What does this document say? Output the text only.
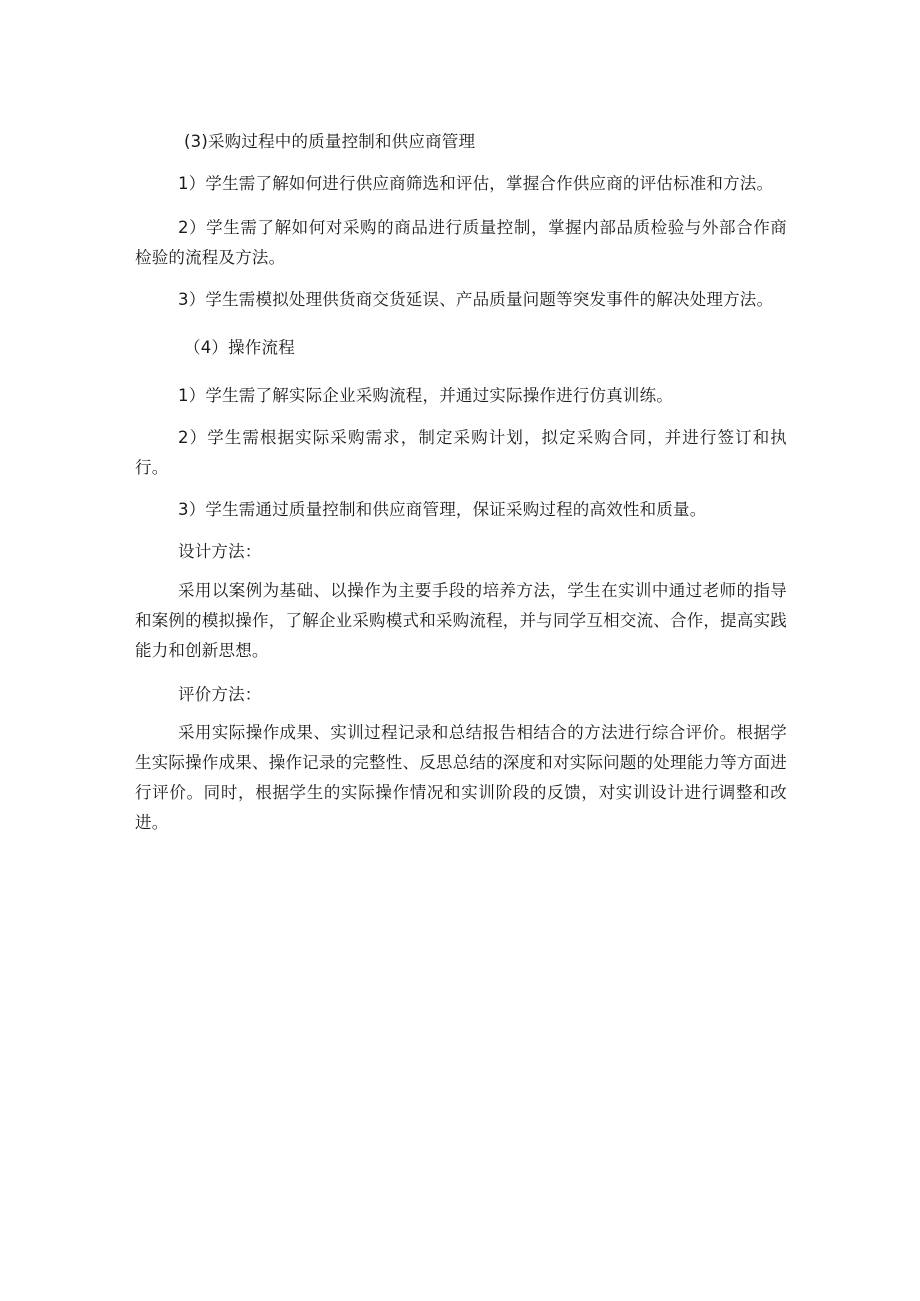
(3)采购过程中的质量控制和供应商管理
1）学生需了解如何进行供应商筛选和评估，掌握合作供应商的评估标准和方法。
2）学生需了解如何对采购的商品进行质量控制，掌握内部品质检验与外部合作商检验的流程及方法。
3）学生需模拟处理供货商交货延误、产品质量问题等突发事件的解决处理方法。
（4）操作流程
1）学生需了解实际企业采购流程，并通过实际操作进行仿真训练。
2）学生需根据实际采购需求，制定采购计划，拟定采购合同，并进行签订和执行。
3）学生需通过质量控制和供应商管理，保证采购过程的高效性和质量。
设计方法：
采用以案例为基础、以操作为主要手段的培养方法，学生在实训中通过老师的指导和案例的模拟操作，了解企业采购模式和采购流程，并与同学互相交流、合作，提高实践能力和创新思想。
评价方法：
采用实际操作成果、实训过程记录和总结报告相结合的方法进行综合评价。根据学生实际操作成果、操作记录的完整性、反思总结的深度和对实际问题的处理能力等方面进行评价。同时，根据学生的实际操作情况和实训阶段的反馈，对实训设计进行调整和改进。
